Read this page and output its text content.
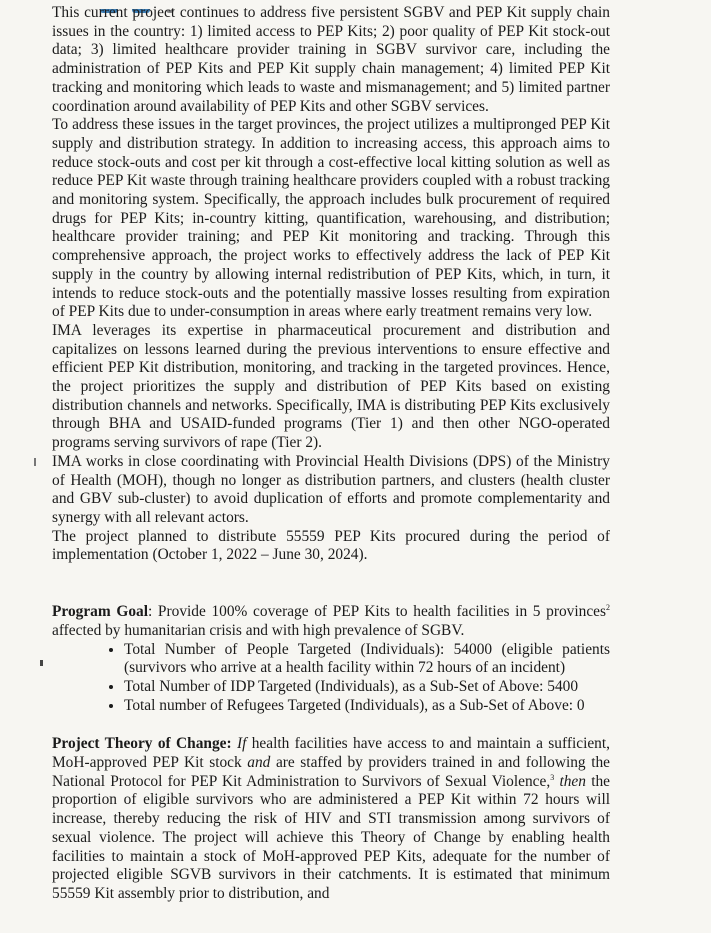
This current project continues to address five persistent SGBV and PEP Kit supply chain issues in the country: 1) limited access to PEP Kits; 2) poor quality of PEP Kit stock-out data; 3) limited healthcare provider training in SGBV survivor care, including the administration of PEP Kits and PEP Kit supply chain management; 4) limited PEP Kit tracking and monitoring which leads to waste and mismanagement; and 5) limited partner coordination around availability of PEP Kits and other SGBV services.

To address these issues in the target provinces, the project utilizes a multipronged PEP Kit supply and distribution strategy. In addition to increasing access, this approach aims to reduce stock-outs and cost per kit through a cost-effective local kitting solution as well as reduce PEP Kit waste through training healthcare providers coupled with a robust tracking and monitoring system. Specifically, the approach includes bulk procurement of required drugs for PEP Kits; in-country kitting, quantification, warehousing, and distribution; healthcare provider training; and PEP Kit monitoring and tracking. Through this comprehensive approach, the project works to effectively address the lack of PEP Kit supply in the country by allowing internal redistribution of PEP Kits, which, in turn, it intends to reduce stock-outs and the potentially massive losses resulting from expiration of PEP Kits due to under-consumption in areas where early treatment remains very low.

IMA leverages its expertise in pharmaceutical procurement and distribution and capitalizes on lessons learned during the previous interventions to ensure effective and efficient PEP Kit distribution, monitoring, and tracking in the targeted provinces. Hence, the project prioritizes the supply and distribution of PEP Kits based on existing distribution channels and networks. Specifically, IMA is distributing PEP Kits exclusively through BHA and USAID-funded programs (Tier 1) and then other NGO-operated programs serving survivors of rape (Tier 2).

IMA works in close coordinating with Provincial Health Divisions (DPS) of the Ministry of Health (MOH), though no longer as distribution partners, and clusters (health cluster and GBV sub-cluster) to avoid duplication of efforts and promote complementarity and synergy with all relevant actors.

The project planned to distribute 55559 PEP Kits procured during the period of implementation (October 1, 2022 – June 30, 2024).

Program Goal: Provide 100% coverage of PEP Kits to health facilities in 5 provinces$^2$ affected by humanitarian crisis and with high prevalence of SGBV.

• Total Number of People Targeted (Individuals): 54000 (eligible patients (survivors who arrive at a health facility within 72 hours of an incident)
• Total Number of IDP Targeted (Individuals), as a Sub-Set of Above: 5400
• Total number of Refugees Targeted (Individuals), as a Sub-Set of Above: 0

Project Theory of Change: If health facilities have access to and maintain a sufficient, MoH-approved PEP Kit stock and are staffed by providers trained in and following the National Protocol for PEP Kit Administration to Survivors of Sexual Violence,$^3$ then the proportion of eligible survivors who are administered a PEP Kit within 72 hours will increase, thereby reducing the risk of HIV and STI transmission among survivors of sexual violence. The project will achieve this Theory of Change by enabling health facilities to maintain a stock of MoH-approved PEP Kits, adequate for the number of projected eligible SGVB survivors in their catchments. It is estimated that minimum 55559 Kit assembly prior to distribution, and
